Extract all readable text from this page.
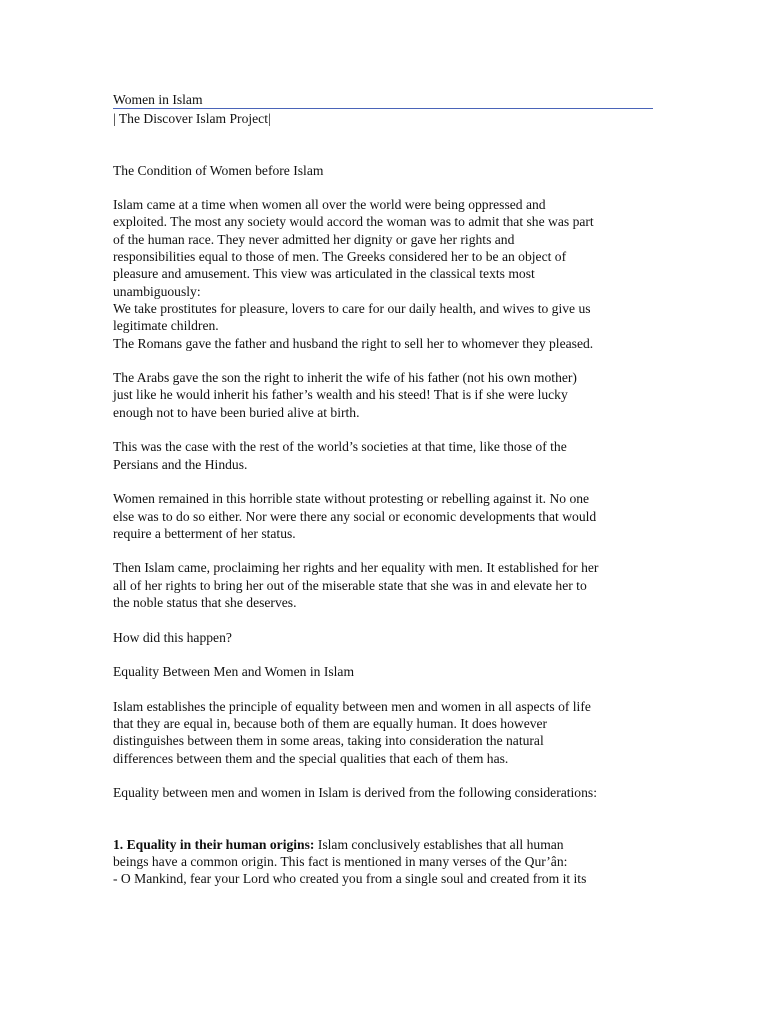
Women in Islam
| The Discover Islam Project|

The Condition of Women before Islam

Islam came at a time when women all over the world were being oppressed and
exploited. The most any society would accord the woman was to admit that she was part
of the human race. They never admitted her dignity or gave her rights and
responsibilities equal to those of men. The Greeks considered her to be an object of
pleasure and amusement. This view was articulated in the classical texts most
unambiguously:
We take prostitutes for pleasure, lovers to care for our daily health, and wives to give us
legitimate children.
The Romans gave the father and husband the right to sell her to whomever they pleased.
The Arabs gave the son the right to inherit the wife of his father (not his own mother)
just like he would inherit his father’s wealth and his steed! That is if she were lucky
enough not to have been buried alive at birth.
This was the case with the rest of the world’s societies at that time, like those of the
Persians and the Hindus.
Women remained in this horrible state without protesting or rebelling against it. No one
else was to do so either. Nor were there any social or economic developments that would
require a betterment of her status.
Then Islam came, proclaiming her rights and her equality with men. It established for her
all of her rights to bring her out of the miserable state that she was in and elevate her to
the noble status that she deserves.

How did this happen?

Equality Between Men and Women in Islam

Islam establishes the principle of equality between men and women in all aspects of life
that they are equal in, because both of them are equally human. It does however
distinguishes between them in some areas, taking into consideration the natural
differences between them and the special qualities that each of them has.

Equality between men and women in Islam is derived from the following considerations:

1. Equality in their human origins: Islam conclusively establishes that all human
beings have a common origin. This fact is mentioned in many verses of the Qur’ân:
- O Mankind, fear your Lord who created you from a single soul and created from it its
